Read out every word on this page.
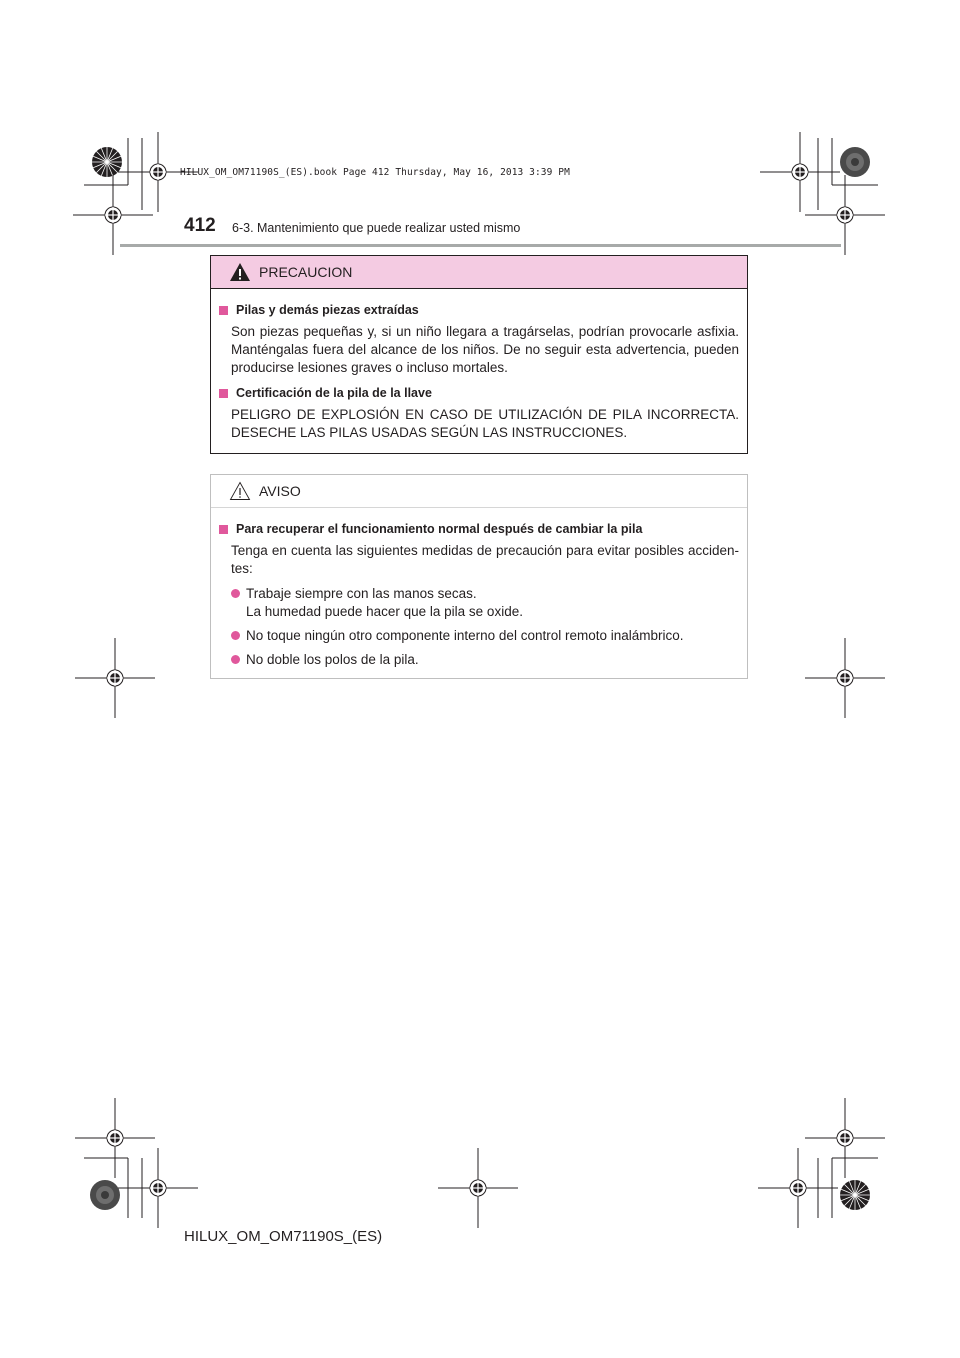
HILUX_OM_OM71190S_(ES).book Page 412 Thursday, May 16, 2013 3:39 PM
412 6-3. Mantenimiento que puede realizar usted mismo
PRECAUCION
Pilas y demás piezas extraídas
Son piezas pequeñas y, si un niño llegara a tragárselas, podrían provocarle asfixia. Manténgalas fuera del alcance de los niños. De no seguir esta advertencia, pueden producirse lesiones graves o incluso mortales.
Certificación de la pila de la llave
PELIGRO DE EXPLOSIÓN EN CASO DE UTILIZACIÓN DE PILA INCORRECTA. DESECHE LAS PILAS USADAS SEGÚN LAS INSTRUCCIONES.
AVISO
Para recuperar el funcionamiento normal después de cambiar la pila
Tenga en cuenta las siguientes medidas de precaución para evitar posibles acciden-tes:
Trabaje siempre con las manos secas.
La humedad puede hacer que la pila se oxide.
No toque ningún otro componente interno del control remoto inalámbrico.
No doble los polos de la pila.
HILUX_OM_OM71190S_(ES)
